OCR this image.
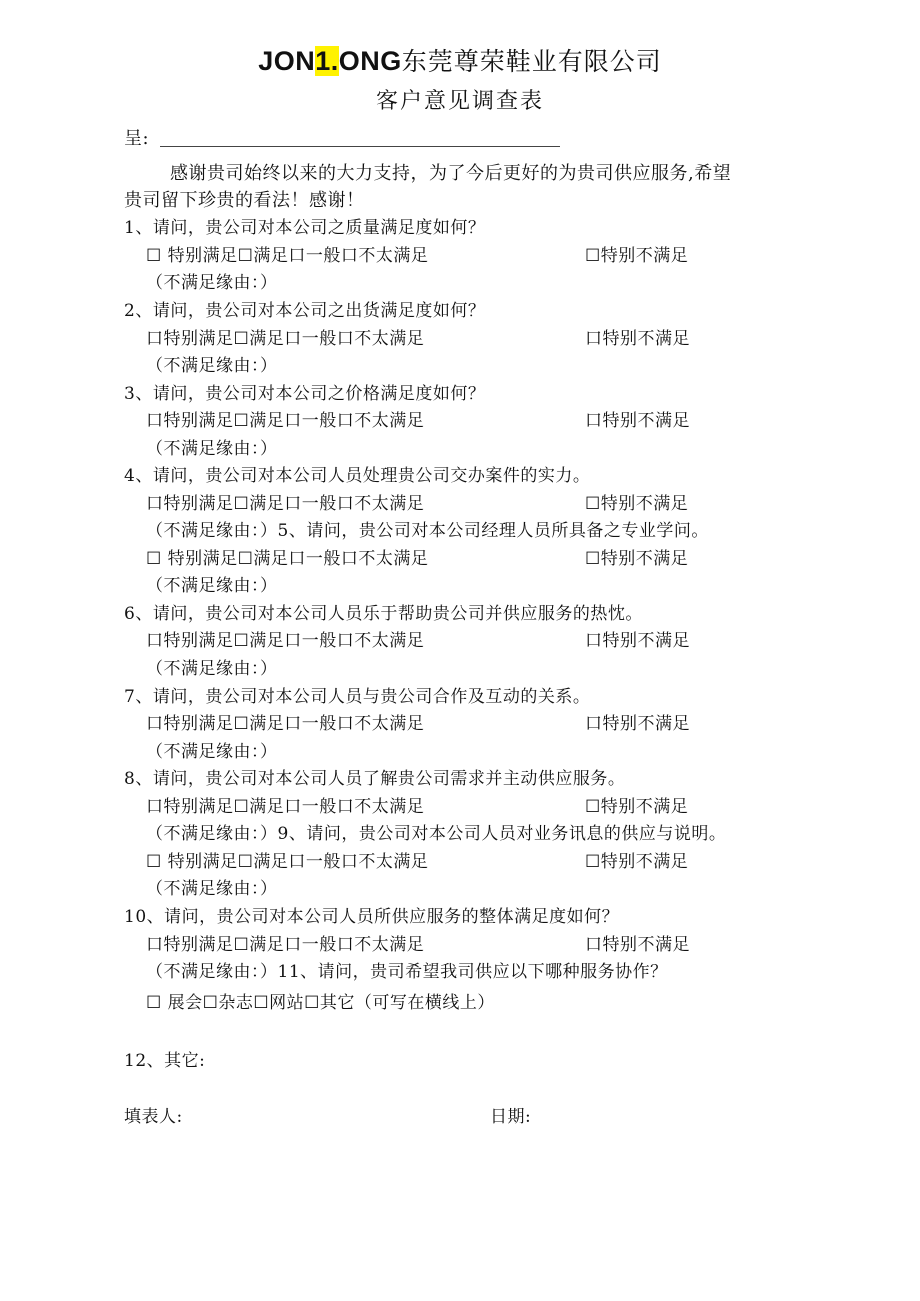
JON1.ONG东莞尊荣鞋业有限公司
客户意见调查表
呈:
感谢贵司始终以来的大力支持，为了今后更好的为贵司供应服务,希望
贵司留下珍贵的看法！感谢！
1、请问，贵公司对本公司之质量满足度如何？
☐ 特别满足☐满足口一般口不太满足	☐特别不满足
（不满足缘由：）
2、请问，贵公司对本公司之出货满足度如何？
口特别满足☐满足口一般口不太满足	口特别不满足
（不满足缘由：）
3、请问，贵公司对本公司之价格满足度如何？
口特别满足☐满足口一般口不太满足	口特别不满足
（不满足缘由：）
4、请问，贵公司对本公司人员处理贵公司交办案件的实力。
口特别满足☐满足口一般口不太满足	☐特别不满足
（不满足缘由：）5、请问，贵公司对本公司经理人员所具备之专业学问。
☐ 特别满足☐满足口一般口不太满足	☐特别不满足
（不满足缘由：）
6、请问，贵公司对本公司人员乐于帮助贵公司并供应服务的热忱。
口特别满足☐满足口一般口不太满足	口特别不满足
（不满足缘由：）
7、请问，贵公司对本公司人员与贵公司合作及互动的关系。
口特别满足☐满足口一般口不太满足	口特别不满足
（不满足缘由：）
8、请问，贵公司对本公司人员了解贵公司需求并主动供应服务。
口特别满足☐满足口一般口不太满足	☐特别不满足
（不满足缘由：）9、请问，贵公司对本公司人员对业务讯息的供应与说明。
☐ 特别满足☐满足口一般口不太满足	☐特别不满足
（不满足缘由：）
10、请问，贵公司对本公司人员所供应服务的整体满足度如何？
口特别满足☐满足口一般口不太满足	口特别不满足
（不满足缘由：）11、请问，贵司希望我司供应以下哪种服务协作？
☐ 展会☐杂志☐网站☐其它（可写在横线上）
12、其它:
填表人:	日期:
